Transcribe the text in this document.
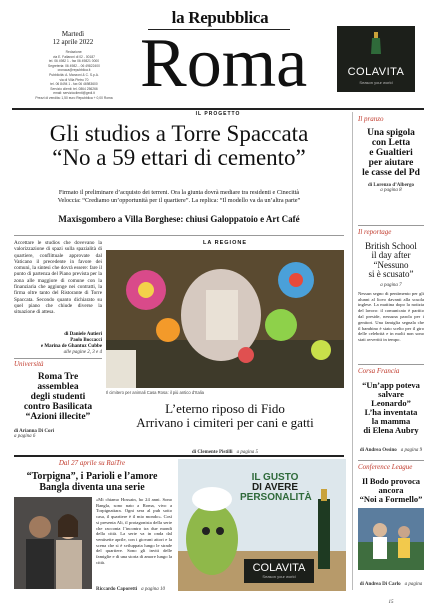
la Repubblica
Roma
Martedì
12 aprile 2022
Redazione:
via E. Fallaroni di 02 - 00187
tel. 06 4982 1 - fax 06 49821 0000
Segreteria: 06 4982... 06 49822400
cronaca@repubblica.it
Pubblicità: A. Manzoni & C. S.p.A.
via di Villa Pietro 70
tel. 06 8494 1 - fax 06 46983600
Servizio clienti: tel. 0864 256266
email: servizioclienti@gedi.it
Prezzi di vendita: 1,50 euro Repubblica + 0,00 Roma
COLAVITA
Season your world
IL PROGETTO
Gli studios a Torre Spaccata
“No a 59 ettari di cemento”
Firmato il preliminare d’acquisto dei terreni. Ora la giunta dovrà mediare tra residenti e Cinecittà
Veloccia: “Crediamo un’opportunità per il quartiere”. La replica: “Il modello va da un’altra parte”
Maxisgombero a Villa Borghese: chiusi Galoppatoio e Art Café
Accettare le studios che dovevano la valorizzazione di spazi sulla spazialità di quartiere, conflittuale approvate dal Vaticano il precedente in favore dei comuni, la sintesi che dovrà essere: fare il punto di partenza del Piano prevista per la zona alle maggiore di comune con la finanziaria che aggiunge nei contratti, la firma oltre tanto del Ristorante di Torre Spaccata. Secondo quanto dichiarato su quel piano che chiude diverse la situazione di attesa.
di Daniele Autieri
Paolo Boccacci
e Marina de Ghantuz Cubbe
alle pagine 2, 3 e 4
Università
Roma Tre
assemblea
degli studenti
contro Basilicata
“Azioni illecite”
di Arianna Di Cori
a pagina 6
LA REGIONE
Il cimitero per animali Casa Rosa: il più antico d’Italia
L’eterno riposo di Fido
Arrivano i cimiteri per cani e gatti
di Clemente Pistilli a pagina 5
Il pranzo
Una spigola
con Letta
e Gualtieri
per aiutare
le casse del Pd
di Lorenzo d’Albergo
a pagina 8
Il reportage
British School
il day after
“Nessuno
si è scusato”
a pagina 7
Nessun segno di pentimento per gli alunni al liceo davanti alla scuola inglese. La mattina dopo la notizia del lavoro: il comunicato è partito dal preside, nessuna parola per i genitori. Una famiglia segnala che il bambino è stato scelto per il giro delle celebrità e in molti non sono stati avvertiti in tempo.
Corsa Francia
“Un’app poteva
salvare Leonardo”
L’ha inventata
la mamma
di Elena Aubry
di Andrea Ossino a pagina 9
Conference League
Il Bodo provoca
ancora
“Noi a Formello”
di Andrea Di Carlo a pagina 15
Dal 27 aprile su RaiTre
“Torpigna”, i Parioli e l’amore
Bangla diventa una serie
«Mi chiamo Hossain, ho 24 anni. Sono Bangla, sono nato a Roma, vivo a Torpignattara. Ogni sera al pub sotto casa, il quartiere è il mio mondo». Così si presenta Ali, il protagonista della serie che racconta l’incontro tra due mondi della città. La serie va in onda dal ventisette aprile, con i giovani attori e la scena che si è sviluppata lungo le strade del quartiere. Sono gli inviti delle famiglie e di una storia di amore lungo la città.
Riccardo Caporetti a pagina 10
IL GUSTO
DI AVERE
PERSONALITÀ
COLAVITA
Season your world
